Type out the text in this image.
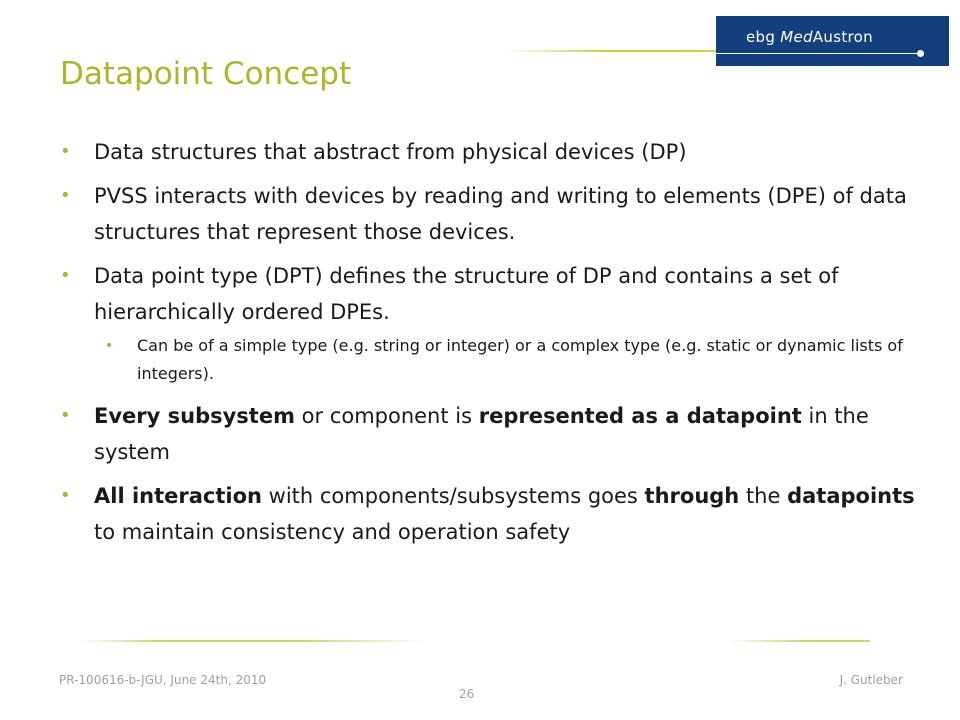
ebg MedAustron
Datapoint Concept
• Data structures that abstract from physical devices (DP)
• PVSS interacts with devices by reading and writing to elements (DPE) of data structures that represent those devices.
• Data point type (DPT) defines the structure of DP and contains a set of hierarchically ordered DPEs.
• Can be of a simple type (e.g. string or integer) or a complex type (e.g. static or dynamic lists of integers).
• Every subsystem or component is represented as a datapoint in the system
• All interaction with components/subsystems goes through the datapoints to maintain consistency and operation safety
PR-100616-b-JGU, June 24th, 2010	J. Gutleber
26
